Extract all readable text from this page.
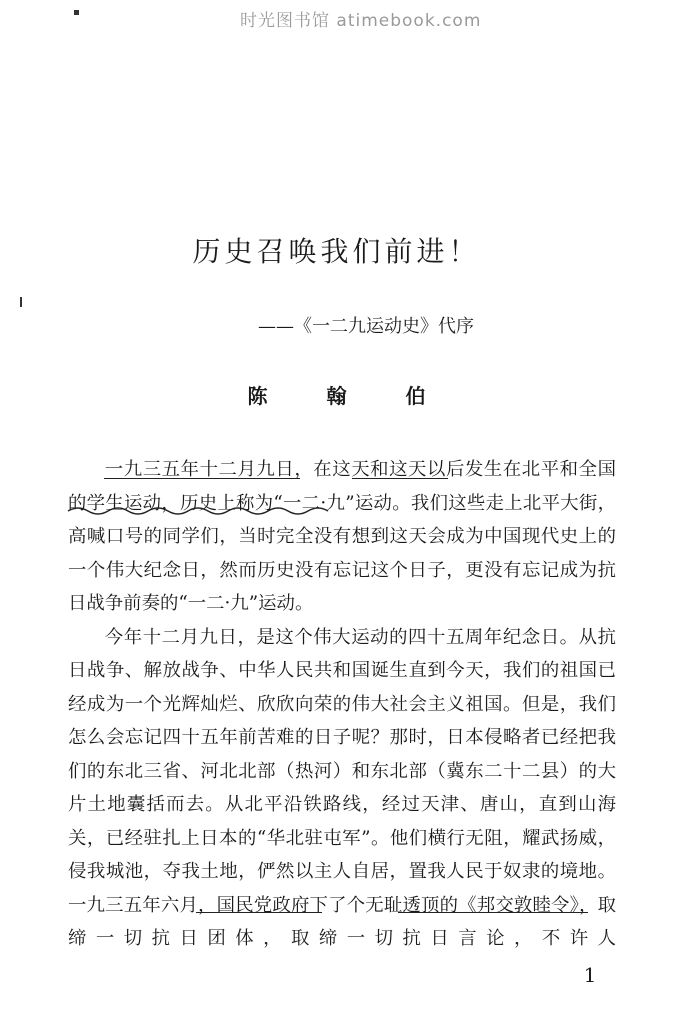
时光图书馆 atimebook.com
历史召唤我们前进！
——《一二九运动史》代序
陈 翰 伯

一九三五年十二月九日，在这天和这天以后发生在北平和全国的学生运动，历史上称为“一二·九”运动。我们这些走上北平大街，高喊口号的同学们，当时完全没有想到这天会成为中国现代史上的一个伟大纪念日，然而历史没有忘记这个日子，更没有忘记成为抗日战争前奏的“一二·九”运动。

今年十二月九日，是这个伟大运动的四十五周年纪念日。从抗日战争、解放战争、中华人民共和国诞生直到今天，我们的祖国已经成为一个光辉灿烂、欣欣向荣的伟大社会主义祖国。但是，我们怎么会忘记四十五年前苦难的日子呢？那时，日本侵略者已经把我们的东北三省、河北北部（热河）和东北部（冀东二十二县）的大片土地囊括而去。从北平沿铁路线，经过天津、唐山，直到山海关，已经驻扎上日本的“华北驻屯军”。他们横行无阻，耀武扬威，侵我城池，夺我土地，俨然以主人自居，置我人民于奴隶的境地。一九三五年六月，国民党政府下了个无耻透顶的《邦交敦睦令》，取缔一切抗日团体，取缔一切抗日言论，不许人

1
